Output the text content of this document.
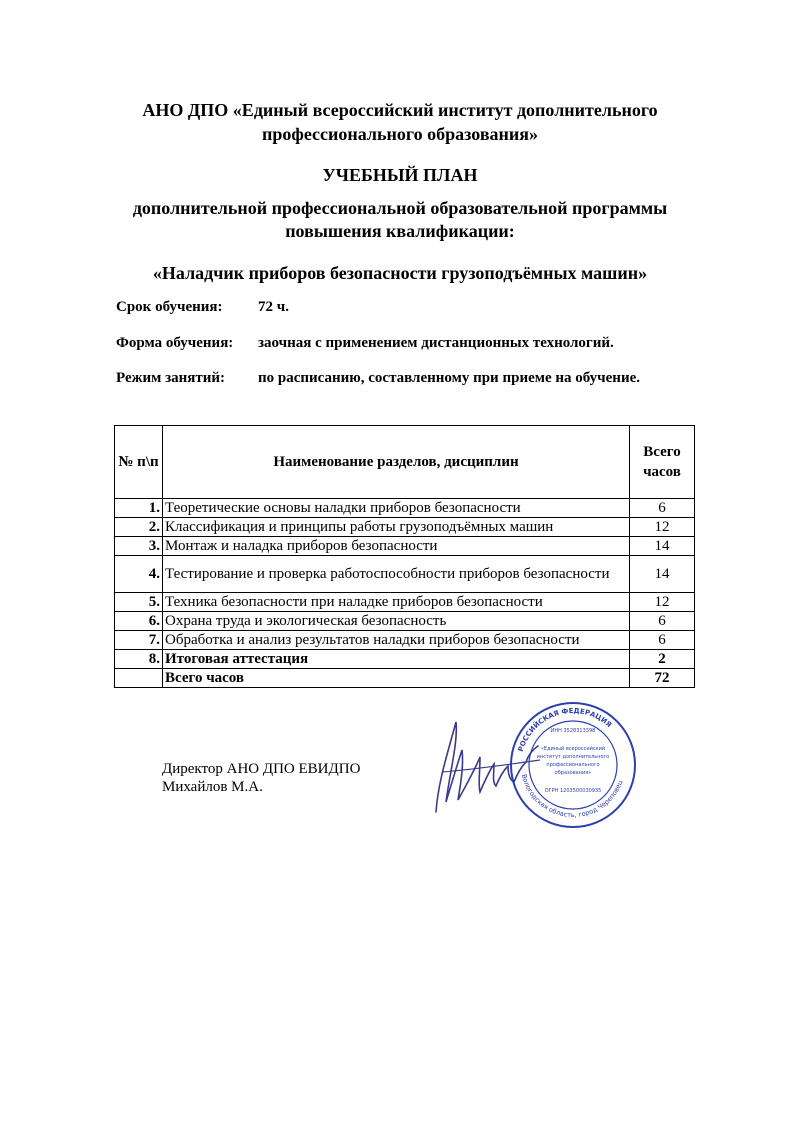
АНО ДПО «Единый всероссийский институт дополнительного
профессионального образования»
УЧЕБНЫЙ ПЛАН
дополнительной профессиональной образовательной программы
повышения квалификации:
«Наладчик приборов безопасности грузоподъёмных машин»
Срок обучения: 72 ч.
Форма обучения: заочная с применением дистанционных технологий.
Режим занятий: по расписанию, составленному при приеме на обучение.
№ п\п	Наименование разделов, дисциплин	Всего
часов

1.	Теоретические основы наладки приборов безопасности	6
2.	Классификация и принципы работы грузоподъёмных машин	12
3.	Монтаж и наладка приборов безопасности	14
4.	Тестирование и проверка работоспособности приборов безопасности	14
5.	Техника безопасности при наладке приборов безопасности	12
6.	Охрана труда и экологическая безопасность	6
7.	Обработка и анализ результатов наладки приборов безопасности	6
8.	Итоговая аттестация	2
	Всего часов	72
Директор АНО ДПО ЕВИДПО
Михайлов М.А.
РОССИЙСКАЯ ФЕДЕРАЦИЯ
Вологодская область, город Череповец
ИНН 3528313398
«Единый всероссийский
институт дополнительного
профессионального
образования»
ОГРН 1203500030935
